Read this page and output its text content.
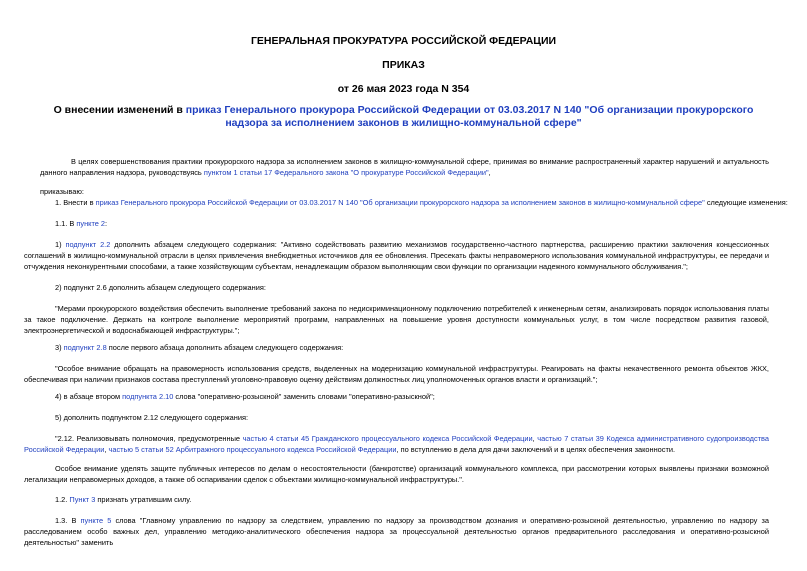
ГЕНЕРАЛЬНАЯ ПРОКУРАТУРА РОССИЙСКОЙ ФЕДЕРАЦИИ
ПРИКАЗ
от 26 мая 2023 года N 354
О внесении изменений в приказ Генерального прокурора Российской Федерации от 03.03.2017 N 140 "Об организации прокурорского надзора за исполнением законов в жилищно-коммунальной сфере"
В целях совершенствования практики прокурорского надзора за исполнением законов в жилищно-коммунальной сфере, принимая во внимание распространенный характер нарушений и актуальность данного направления надзора, руководствуясь пунктом 1 статьи 17 Федерального закона "О прокуратуре Российской Федерации",
приказываю:
1. Внести в приказ Генерального прокурора Российской Федерации от 03.03.2017 N 140 "Об организации прокурорского надзора за исполнением законов в жилищно-коммунальной сфере" следующие изменения:
1.1. В пункте 2:
1) подпункт 2.2 дополнить абзацем следующего содержания: "Активно содействовать развитию механизмов государственно-частного партнерства, расширению практики заключения концессионных соглашений в жилищно-коммунальной отрасли в целях привлечения внебюджетных источников для ее обновления. Пресекать факты неправомерного использования коммунальной инфраструктуры, ее передачи и отчуждения неконкурентными способами, а также хозяйствующим субъектам, ненадлежащим образом выполняющим свои функции по организации надежного коммунального обслуживания.";
2) подпункт 2.6 дополнить абзацем следующего содержания:
"Мерами прокурорского воздействия обеспечить выполнение требований закона по недискриминационному подключению потребителей к инженерным сетям, анализировать порядок использования платы за такое подключение. Держать на контроле выполнение мероприятий программ, направленных на повышение уровня доступности коммунальных услуг, в том числе посредством развития газовой, электроэнергетической и водоснабжающей инфраструктуры.";
3) подпункт 2.8 после первого абзаца дополнить абзацем следующего содержания:
"Особое внимание обращать на правомерность использования средств, выделенных на модернизацию коммунальной инфраструктуры. Реагировать на факты некачественного ремонта объектов ЖКХ, обеспечивая при наличии признаков состава преступлений уголовно-правовую оценку действиям должностных лиц уполномоченных органов власти и организаций.";
4) в абзаце втором подпункта 2.10 слова "оперативно-розыскной" заменить словами "оперативно-разыскной";
5) дополнить подпунктом 2.12 следующего содержания:
"2.12. Реализовывать полномочия, предусмотренные частью 4 статьи 45 Гражданского процессуального кодекса Российской Федерации, частью 7 статьи 39 Кодекса административного судопроизводства Российской Федерации, частью 5 статьи 52 Арбитражного процессуального кодекса Российской Федерации, по вступлению в дела для дачи заключений и в целях обеспечения законности.
Особое внимание уделять защите публичных интересов по делам о несостоятельности (банкротстве) организаций коммунального комплекса, при рассмотрении которых выявлены признаки возможной легализации неправомерных доходов, а также об оспаривании сделок с объектами жилищно-коммунальной инфраструктуры.".
1.2. Пункт 3 признать утратившим силу.
1.3. В пункте 5 слова "Главному управлению по надзору за следствием, управлению по надзору за производством дознания и оперативно-розыскной деятельностью, управлению по надзору за расследованием особо важных дел, управлению методико-аналитического обеспечения надзора за процессуальной деятельностью органов предварительного расследования и оперативно-розыскной деятельностью" заменить
